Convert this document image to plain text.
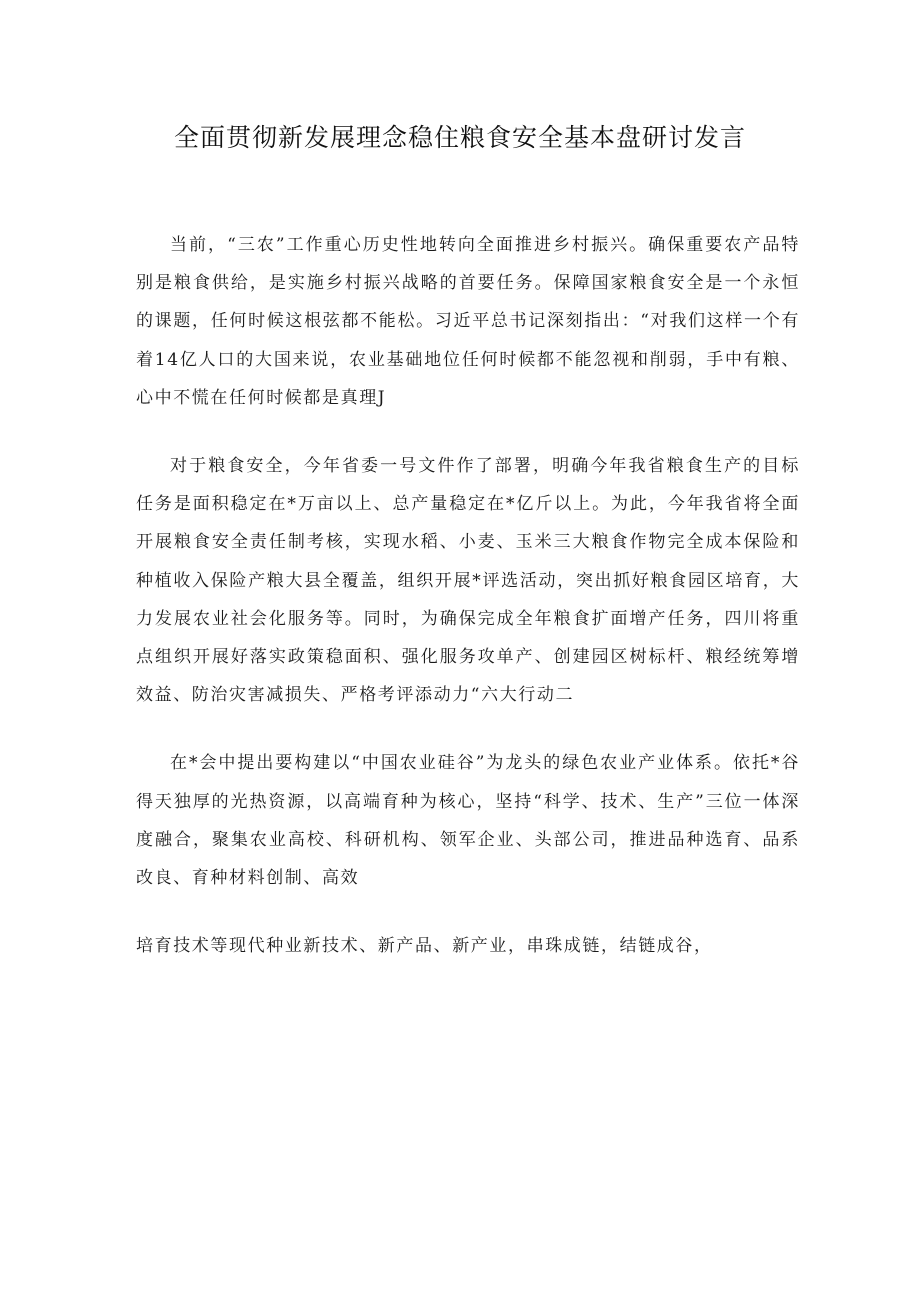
全面贯彻新发展理念稳住粮食安全基本盘研讨发言

当前，“三农”工作重心历史性地转向全面推进乡村振兴。确保重要农产品特别是粮食供给，是实施乡村振兴战略的首要任务。保障国家粮食安全是一个永恒的课题，任何时候这根弦都不能松。习近平总书记深刻指出：“对我们这样一个有着14亿人口的大国来说，农业基础地位任何时候都不能忽视和削弱，手中有粮、心中不慌在任何时候都是真理J

对于粮食安全，今年省委一号文件作了部署，明确今年我省粮食生产的目标任务是面积稳定在*万亩以上、总产量稳定在*亿斤以上。为此，今年我省将全面开展粮食安全责任制考核，实现水稻、小麦、玉米三大粮食作物完全成本保险和种植收入保险产粮大县全覆盖，组织开展*评选活动，突出抓好粮食园区培育，大力发展农业社会化服务等。同时，为确保完成全年粮食扩面增产任务，四川将重点组织开展好落实政策稳面积、强化服务攻单产、创建园区树标杆、粮经统筹增效益、防治灾害减损失、严格考评添动力“六大行动二

在*会中提出要构建以“中国农业硅谷”为龙头的绿色农业产业体系。依托*谷得天独厚的光热资源，以高端育种为核心，坚持“科学、技术、生产”三位一体深度融合，聚集农业高校、科研机构、领军企业、头部公司，推进品种选育、品系改良、育种材料创制、高效

培育技术等现代种业新技术、新产品、新产业，串珠成链，结链成谷，
